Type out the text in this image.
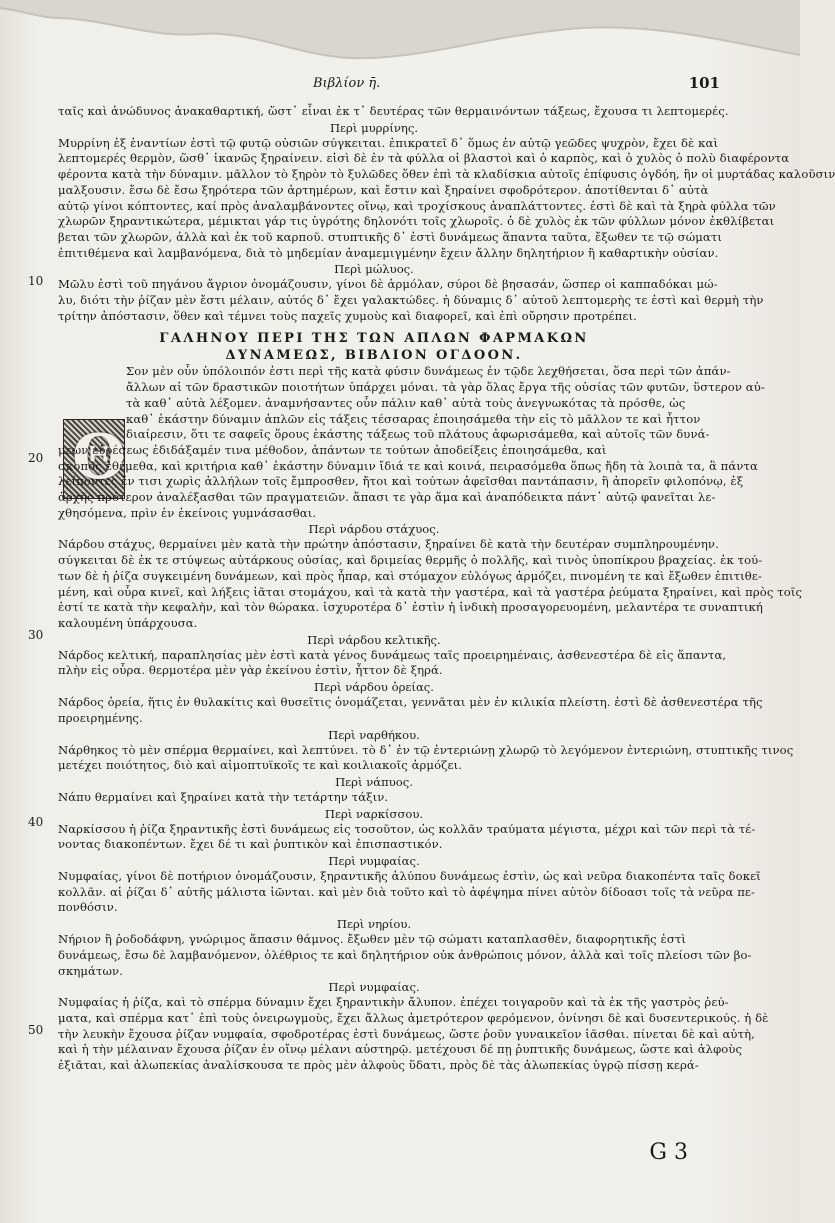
Βιβλίον η̄.	101
10
20
30
40
50
Θ
ταῖς καὶ ἀνώδυνος ἀνακαθαρτική, ὥστ᾽ εἶναι ἐκ τ᾽ δευτέρας τῶν θερμαινόντων τάξεως, ἔχουσα τι λεπτομερές.
Περὶ μυρρίνης.
Μυρρίνη ἐξ ἐναντίων ἐστὶ τῷ φυτῷ οὐσιῶν σύγκειται. ἐπικρατεῖ δ᾽ ὅμως ἐν αὐτῷ γεῶδες ψυχρὸν, ἔχει δὲ καὶ
λεπτομερές θερμὸν, ὥσθ᾽ ἱκανῶς ξηραίνειν. εἰσὶ δὲ ἐν τὰ φύλλα οἱ βλαστοὶ καὶ ὁ καρπὸς, καὶ ὁ χυλὸς ὁ πολὺ διαφέροντα
φέροντα κατὰ τὴν δύναμιν. μᾶλλον τὸ ξηρὸν τὸ ξυλῶδες ὅθεν ἐπὶ τὰ κλαδίσκια αὐτοῖς ἐπίφυσις ὀγδόη, ἣν οἱ μυρτάδας καλοῦσιν
μαλξουσιν. ἔσω δὲ ἔσω ξηρότερα τῶν ἀρτημέρων, καὶ ἔστιν καὶ ξηραίνει σφοδρότερον. ἀποτίθενται δ᾽ αὐτὰ
αὐτῷ γίνοι κόπτοντες, καί πρὸς ἀναλαμβάνοντες οἴνῳ, καὶ τροχίσκους ἀναπλάττοντες. ἐστὶ δὲ καὶ τὰ ξηρὰ φύλλα τῶν
χλωρῶν ξηραντικώτερα, μέμικται γάρ τις ὑγρότης δηλονότι τοῖς χλωροῖς. ὁ δὲ χυλὸς ἐκ τῶν φύλλων μόνον ἐκθλίβεται
βεται τῶν χλωρῶν, ἀλλὰ καὶ ἐκ τοῦ καρποῦ. στυπτικῆς δ᾽ ἐστὶ δυνάμεως ἅπαντα ταῦτα, ἔξωθεν τε τῷ σώματι
ἐπιτιθέμενα καὶ λαμβανόμενα, διὰ τὸ μηδεμίαν ἀναμεμιγμένην ἔχειν ἄλλην δηλητήριον ἢ καθαρτικὴν οὐσίαν.
Περὶ μώλυος.
Μῶλυ ἐστὶ τοῦ πηγάνου ἄγριον ὀνομάζουσιν, γίνοι δὲ ἁρμόλαν, σύροι δὲ βησασάν, ὥσπερ οἱ καππαδόκαι μώ-
λυ, διότι τὴν ῥίζαν μὲν ἔστι μέλαιν, αὐτός δ᾽ ἔχει γαλακτώδες. ἡ δύναμις δ᾽ αὐτοῦ λεπτομερὴς τε ἐστὶ καὶ θερμὴ τὴν
τρίτην ἀπόστασιν, ὅθεν καὶ τέμνει τοὺς παχεῖς χυμοὺς καὶ διαφορεῖ, καὶ ἐπὶ οὔρησιν προτρέπει.
ΓΑΛΗΝΟΥ ΠΕΡΙ ΤΗΣ ΤΩΝ ΑΠΛΩΝ ΦΑΡΜΑΚΩΝ
ΔΥΝΑΜΕΩΣ, ΒΙΒΛΙΟΝ ΟΓΔΟΟΝ.
Σον μὲν οὖν ὑπόλοιπόν ἐστι περὶ τῆς κατὰ φύσιν δυνάμεως ἐν τῷδε λεχθήσεται, ὅσα περὶ τῶν ἁπάν-
ἄλλων αἱ τῶν δραστικῶν ποιοτήτων ὑπάρχει μόναι. τὰ γὰρ ὅλας ἔργα τῆς οὐσίας τῶν φυτῶν, ὕστερον αὐ-
τὰ καθ᾽ αὐτὰ λέξομεν. ἀναμνήσαντες οὖν πάλιν καθ᾽ αὐτὰ τοὺς ἀνεγνωκότας τὰ πρόσθε, ὡς
καθ᾽ ἑκάστην δύναμιν ἁπλῶν εἰς τάξεις τέσσαρας ἐποιησάμεθα τὴν εἰς τὸ μᾶλλον τε καὶ ἧττον
διαίρεσιν, ὅτι τε σαφεῖς ὅρους ἑκάστης τάξεως τοῦ πλάτους ἀφωρισάμεθα, καὶ αὐτοῖς τῶν δυνά-
μεων εὑρέσεως ἐδιδάξαμέν τινα μέθοδον, ἁπάντων τε τούτων ἀποδείξεις ἐποιησάμεθα, καὶ
σκοπὸς ἐθέμεθα, καὶ κριτήρια καθ᾽ ἑκάστην δύναμιν ἴδιά τε καὶ κοινά, πειρασόμεθα ὅπως ἤδη τὰ λοιπὰ τα, ἃ πάντα
λείποντες ἔν τισι χωρὶς ἀλλήλων τοῖς ἔμπροσθεν, ἤτοι καὶ τούτων ἀφεῖσθαι παντάπασιν, ἢ ἀπορεῖν φιλοπόνῳ, ἐξ
ἀρχῆς πρότερον ἀναλέξασθαι τῶν πραγματειῶν. ἅπασι τε γὰρ ἅμα καὶ ἀναπόδεικτα πάντ᾽ αὐτῷ φανεῖται λε-
χθησόμενα, πρὶν ἐν ἐκείνοις γυμνάσασθαι.
Περὶ νάρδου στάχυος.
Νάρδου στάχυς, θερμαίνει μὲν κατὰ τὴν πρώτην ἀπόστασιν, ξηραίνει δὲ κατὰ τὴν δευτέραν συμπληρουμένην.
σύγκειται δὲ ἐκ τε στύψεως αὐτάρκους οὐσίας, καὶ δριμείας θερμῆς ὁ πολλῆς, καὶ τινὸς ὑποπίκρου βραχείας. ἐκ τού-
των δὲ ἡ ῥίζα συγκειμένη δυνάμεων, καὶ πρὸς ἧπαρ, καὶ στόμαχον εὐλόγως ἁρμόζει, πινομένη τε καὶ ἔξωθεν ἐπιτιθε-
μένη, καὶ οὖρα κινεῖ, καὶ λήξεις ἰᾶται στομάχου, καὶ τὰ κατὰ τὴν γαστέρα, καὶ τὰ γαστέρα ῥεύματα ξηραίνει, καὶ πρὸς τοῖς
ἐστί τε κατὰ τὴν κεφαλὴν, καὶ τὸν θώρακα. ἰσχυροτέρα δ᾽ ἐστὶν ἡ ἰνδικὴ προσαγορευομένη, μελαντέρα τε συναπτική
καλουμένη ὑπάρχουσα.
Περὶ νάρδου κελτικῆς.
Νάρδος κελτική, παραπλησίας μὲν ἐστὶ κατὰ γένος δυνάμεως ταῖς προειρημέναις, ἀσθενεστέρα δὲ εἰς ἅπαντα,
πλὴν εἰς οὖρα. θερμοτέρα μὲν γὰρ ἐκείνου ἐστὶν, ἧττον δὲ ξηρά.
Περὶ νάρδου ὀρείας.
Νάρδος ὀρεία, ἥτις ἐν θυλακίτις καὶ θυσεῖτις ὀνομάζεται, γεννᾶται μὲν ἐν κιλικία πλείστη. ἐστὶ δὲ ἀσθενεστέρα τῆς
προειρημένης.
Περὶ ναρθήκου.
Νάρθηκος τὸ μὲν σπέρμα θερμαίνει, καὶ λεπτύνει. τὸ δ᾽ ἐν τῷ ἐντεριώνῃ χλωρῷ τὸ λεγόμενον ἐντεριώνη, στυπτικῆς τινος
μετέχει ποιότητος, διὸ καὶ αἱμοπτυϊκοῖς τε καὶ κοιλιακοῖς ἁρμόζει.
Περὶ νάπυος.
Νάπυ θερμαίνει καὶ ξηραίνει κατὰ τὴν τετάρτην τάξιν.
Περὶ ναρκίσσου.
Ναρκίσσου ἡ ῥίζα ξηραντικῆς ἐστὶ δυνάμεως εἰς τοσοῦτον, ὡς κολλᾶν τραύματα μέγιστα, μέχρι καὶ τῶν περὶ τὰ τέ-
νοντας διακοπέντων. ἔχει δέ τι καὶ ῥυπτικὸν καὶ ἐπισπαστικόν.
Περὶ νυμφαίας.
Νυμφαίας, γίνοι δὲ ποτήριον ὀνομάζουσιν, ξηραντικῆς ἀλύπου δυνάμεως ἐστὶν, ὡς καὶ νεῦρα διακοπέντα ταῖς δοκεῖ
κολλᾶν. αἱ ῥίζαι δ᾽ αὐτῆς μάλιστα ἰῶνται. καὶ μὲν διὰ τοῦτο καὶ τὸ ἀφέψημα πίνει αὐτὸν δίδοασι τοῖς τὰ νεῦρα πε-
πονθόσιν.
Περὶ νηρίου.
Νήριον ἢ ῥοδοδάφνη, γνώριμος ἅπασιν θάμνος. ἔξωθεν μὲν τῷ σώματι καταπλασθὲν, διαφορητικῆς ἐστὶ
δυνάμεως, ἔσω δὲ λαμβανόμενον, ὀλέθριος τε καὶ δηλητήριον οὐκ ἀνθρώποις μόνον, ἀλλὰ καὶ τοῖς πλείοσι τῶν βο-
σκημάτων.
Περὶ νυμφαίας.
Νυμφαίας ἡ ῥίζα, καὶ τὸ σπέρμα δύναμιν ἔχει ξηραντικὴν ἄλυπον. ἐπέχει τοιγαροῦν καὶ τὰ ἐκ τῆς γαστρὸς ῥεύ-
ματα, καὶ σπέρμα κατ᾽ ἐπὶ τοὺς ὀνειρωγμοὺς, ἔχει ἄλλως ἀμετρότερον φερόμενον, ὀνίνησι δὲ καὶ δυσεντερικούς. ἡ δὲ
τὴν λευκὴν ἔχουσα ῥίζαν νυμφαία, σφοδροτέρας ἐστὶ δυνάμεως, ὥστε ῥοῦν γυναικεῖον ἰᾶσθαι. πίνεται δὲ καὶ αὐτὴ,
καὶ ἡ τὴν μέλαιναν ἔχουσα ῥίζαν ἐν οἴνῳ μέλανι αὐστηρῷ. μετέχουσι δέ πῃ ῥυπτικῆς δυνάμεως, ὥστε καὶ ἀλφοὺς
ἐξιᾶται, καὶ ἀλωπεκίας ἀναλίσκουσα τε πρὸς μὲν ἀλφοὺς ὕδατι, πρὸς δὲ τὰς ἀλωπεκίας ὑγρῷ πίσσῃ κερά-
G 3
